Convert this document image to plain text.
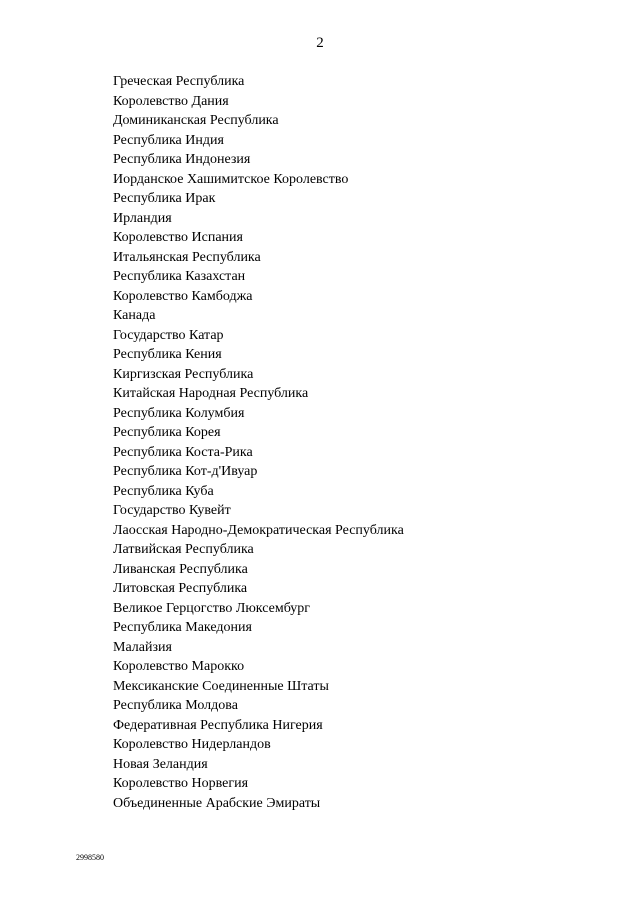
2
Греческая Республика
Королевство Дания
Доминиканская Республика
Республика Индия
Республика Индонезия
Иорданское Хашимитское Королевство
Республика Ирак
Ирландия
Королевство Испания
Итальянская Республика
Республика Казахстан
Королевство Камбоджа
Канада
Государство Катар
Республика Кения
Киргизская Республика
Китайская Народная Республика
Республика Колумбия
Республика Корея
Республика Коста-Рика
Республика Кот-д'Ивуар
Республика Куба
Государство Кувейт
Лаосская Народно-Демократическая Республика
Латвийская Республика
Ливанская Республика
Литовская Республика
Великое Герцогство Люксембург
Республика Македония
Малайзия
Королевство Марокко
Мексиканские Соединенные Штаты
Республика Молдова
Федеративная Республика Нигерия
Королевство Нидерландов
Новая Зеландия
Королевство Норвегия
Объединенные Арабские Эмираты
2998580
